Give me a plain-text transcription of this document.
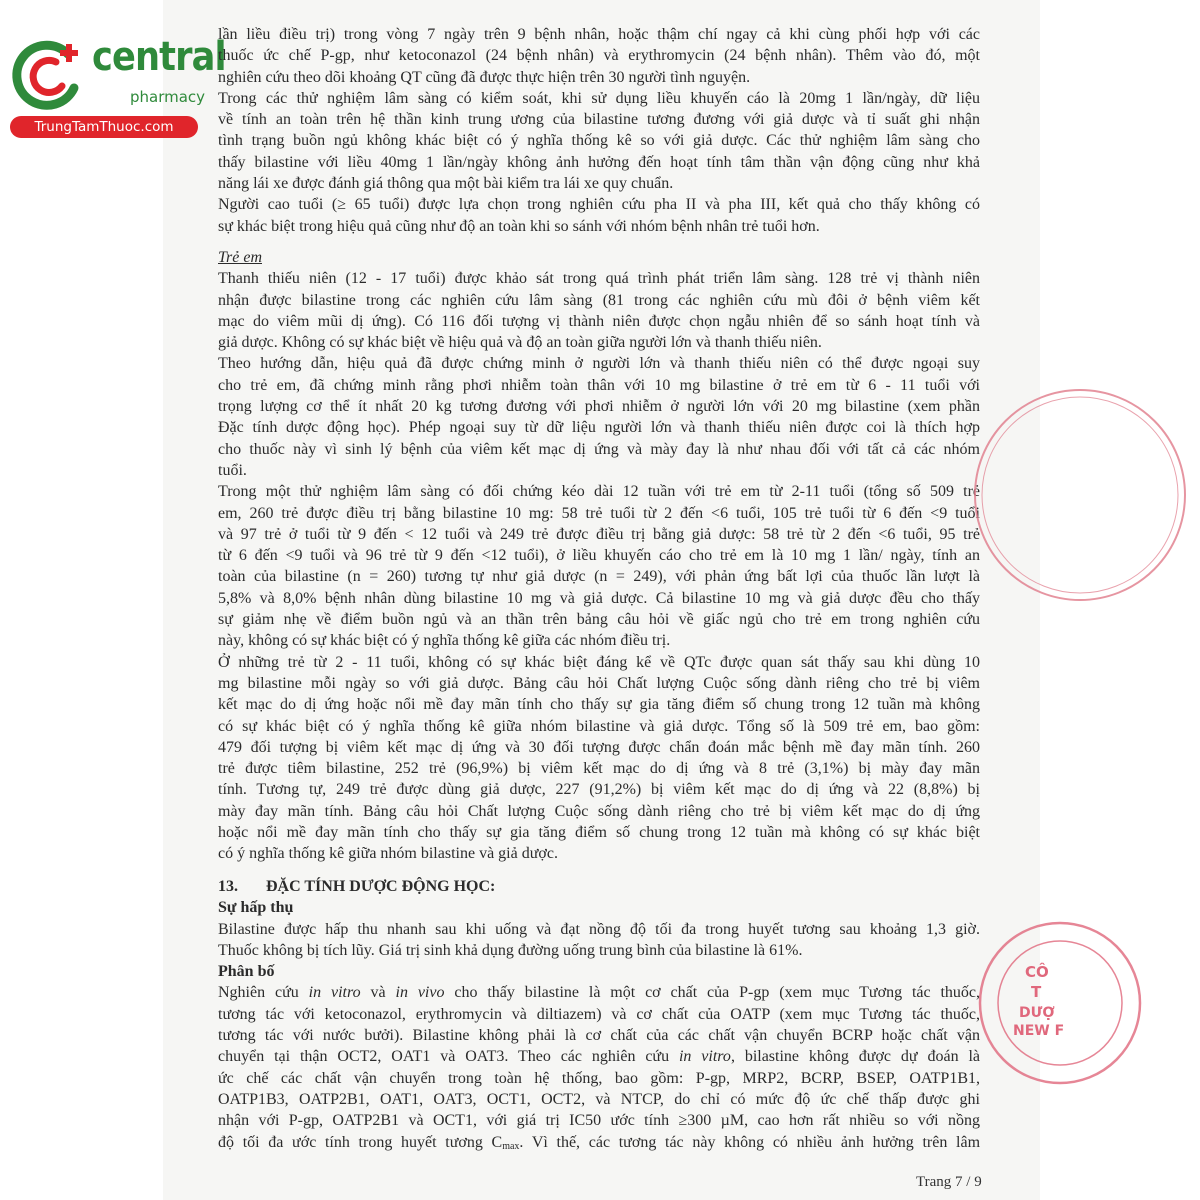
central
pharmacy
TrungTamThuoc.com
lần liều điều trị) trong vòng 7 ngày trên 9 bệnh nhân, hoặc thậm chí ngay cả khi cùng phối hợp với các
thuốc ức chế P-gp, như ketoconazol (24 bệnh nhân) và erythromycin (24 bệnh nhân). Thêm vào đó, một
nghiên cứu theo dõi khoảng QT cũng đã được thực hiện trên 30 người tình nguyện.
Trong các thử nghiệm lâm sàng có kiểm soát, khi sử dụng liều khuyến cáo là 20mg 1 lần/ngày, dữ liệu
về tính an toàn trên hệ thần kinh trung ương của bilastine tương đương với giả dược và tỉ suất ghi nhận
tình trạng buồn ngủ không khác biệt có ý nghĩa thống kê so với giả dược. Các thử nghiệm lâm sàng cho
thấy bilastine với liều 40mg 1 lần/ngày không ảnh hưởng đến hoạt tính tâm thần vận động cũng như khả
năng lái xe được đánh giá thông qua một bài kiểm tra lái xe quy chuẩn.
Người cao tuổi (≥ 65 tuổi) được lựa chọn trong nghiên cứu pha II và pha III, kết quả cho thấy không có
sự khác biệt trong hiệu quả cũng như độ an toàn khi so sánh với nhóm bệnh nhân trẻ tuổi hơn.
Trẻ em
Thanh thiếu niên (12 - 17 tuổi) được khảo sát trong quá trình phát triển lâm sàng. 128 trẻ vị thành niên
nhận được bilastine trong các nghiên cứu lâm sàng (81 trong các nghiên cứu mù đôi ở bệnh viêm kết
mạc do viêm mũi dị ứng). Có 116 đối tượng vị thành niên được chọn ngẫu nhiên để so sánh hoạt tính và
giả dược. Không có sự khác biệt về hiệu quả và độ an toàn giữa người lớn và thanh thiếu niên.
Theo hướng dẫn, hiệu quả đã được chứng minh ở người lớn và thanh thiếu niên có thể được ngoại suy
cho trẻ em, đã chứng minh rằng phơi nhiễm toàn thân với 10 mg bilastine ở trẻ em từ 6 - 11 tuổi với
trọng lượng cơ thể ít nhất 20 kg tương đương với phơi nhiễm ở người lớn với 20 mg bilastine (xem phần
Đặc tính dược động học). Phép ngoại suy từ dữ liệu người lớn và thanh thiếu niên được coi là thích hợp
cho thuốc này vì sinh lý bệnh của viêm kết mạc dị ứng và mày đay là như nhau đối với tất cả các nhóm
tuổi.
Trong một thử nghiệm lâm sàng có đối chứng kéo dài 12 tuần với trẻ em từ 2-11 tuổi (tổng số 509 trẻ
em, 260 trẻ được điều trị bằng bilastine 10 mg: 58 trẻ tuổi từ 2 đến <6 tuổi, 105 trẻ tuổi từ 6 đến <9 tuổi
và 97 trẻ ở tuổi từ 9 đến < 12 tuổi và 249 trẻ được điều trị bằng giả dược: 58 trẻ từ 2 đến <6 tuổi, 95 trẻ
từ 6 đến <9 tuổi và 96 trẻ từ 9 đến <12 tuổi), ở liều khuyến cáo cho trẻ em là 10 mg 1 lần/ ngày, tính an
toàn của bilastine (n = 260) tương tự như giả dược (n = 249), với phản ứng bất lợi của thuốc lần lượt là
5,8% và 8,0% bệnh nhân dùng bilastine 10 mg và giả dược. Cả bilastine 10 mg và giả dược đều cho thấy
sự giảm nhẹ về điểm buồn ngủ và an thần trên bảng câu hỏi về giấc ngủ cho trẻ em trong nghiên cứu
này, không có sự khác biệt có ý nghĩa thống kê giữa các nhóm điều trị.
Ở những trẻ từ 2 - 11 tuổi, không có sự khác biệt đáng kể về QTc được quan sát thấy sau khi dùng 10
mg bilastine mỗi ngày so với giả dược. Bảng câu hỏi Chất lượng Cuộc sống dành riêng cho trẻ bị viêm
kết mạc do dị ứng hoặc nổi mề đay mãn tính cho thấy sự gia tăng điểm số chung trong 12 tuần mà không
có sự khác biệt có ý nghĩa thống kê giữa nhóm bilastine và giả dược. Tổng số là 509 trẻ em, bao gồm:
479 đối tượng bị viêm kết mạc dị ứng và 30 đối tượng được chẩn đoán mắc bệnh mề đay mãn tính. 260
trẻ được tiêm bilastine, 252 trẻ (96,9%) bị viêm kết mạc do dị ứng và 8 trẻ (3,1%) bị mày đay mãn
tính. Tương tự, 249 trẻ được dùng giả dược, 227 (91,2%) bị viêm kết mạc do dị ứng và 22 (8,8%) bị
mày đay mãn tính. Bảng câu hỏi Chất lượng Cuộc sống dành riêng cho trẻ bị viêm kết mạc do dị ứng
hoặc nổi mề đay mãn tính cho thấy sự gia tăng điểm số chung trong 12 tuần mà không có sự khác biệt
có ý nghĩa thống kê giữa nhóm bilastine và giả dược.
13. ĐẶC TÍNH DƯỢC ĐỘNG HỌC:
Sự hấp thụ
Bilastine được hấp thu nhanh sau khi uống và đạt nồng độ tối đa trong huyết tương sau khoảng 1,3 giờ.
Thuốc không bị tích lũy. Giá trị sinh khả dụng đường uống trung bình của bilastine là 61%.
Phân bố
Nghiên cứu in vitro và in vivo cho thấy bilastine là một cơ chất của P-gp (xem mục Tương tác thuốc,
tương tác với ketoconazol, erythromycin và diltiazem) và cơ chất của OATP (xem mục Tương tác thuốc,
tương tác với nước bưởi). Bilastine không phải là cơ chất của các chất vận chuyển BCRP hoặc chất vận
chuyển tại thận OCT2, OAT1 và OAT3. Theo các nghiên cứu in vitro, bilastine không được dự đoán là
ức chế các chất vận chuyển trong toàn hệ thống, bao gồm: P-gp, MRP2, BCRP, BSEP, OATP1B1,
OATP1B3, OATP2B1, OAT1, OAT3, OCT1, OCT2, và NTCP, do chỉ có mức độ ức chế thấp được ghi
nhận với P-gp, OATP2B1 và OCT1, với giá trị IC50 ước tính ≥300 µM, cao hơn rất nhiều so với nồng
độ tối đa ước tính trong huyết tương $C_{max}$. Vì thế, các tương tác này không có nhiều ảnh hưởng trên lâm
CÔ
T
DƯỢ
NEW F
Trang 7 / 9
